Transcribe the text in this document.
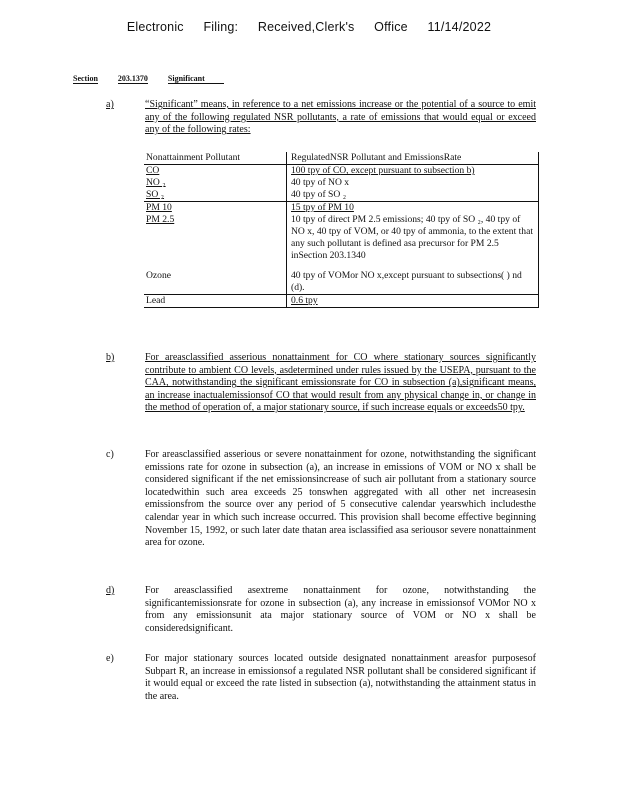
Electronic Filing: Received,Clerk's Office 11/14/2022
Section	203.1370	Significant
a)	“Significant” means, in reference to a net emissions increase or the potential of a source to emit any of the following regulated NSR pollutants, a rate of emissions that would equal or exceed any of the following rates:
Nonattainment Pollutant	RegulatedNSR Pollutant and EmissionsRate
CO	100 tpy of CO, except pursuant to subsection b)
NO ₂	40 tpy of NO x
SO ₂	40 tpy of SO ₂
PM 10	15 tpy of PM 10
PM 2.5	10 tpy of direct PM 2.5 emissions; 40 tpy of SO ₂, 40 tpy of NO x, 40 tpy of VOM, or 40 tpy of ammonia, to the extent that any such pollutant is defined asa precursor for PM 2.5 inSection 203.1340
Ozone	40 tpy of VOMor NO x,except pursuant to subsections( ) nd (d).
Lead	0.6 tpy
b)	For areasclassified asserious nonattainment for CO where stationary sources significantly contribute to ambient CO levels, asdetermined under rules issued by the USEPA, pursuant to the CAA, notwithstanding the significant emissionsrate for CO in subsection (a),significant means, an increase inactualemissionsof CO that would result from any physical change in, or change in the method of operation of, a major stationary source, if such increase equals or exceeds50 tpy.
c)	For areasclassified asserious or severe nonattainment for ozone, notwithstanding the significant emissions rate for ozone in subsection (a), an increase in emissions of VOM or NO x shall be considered significant if the net emissionsincrease of such air pollutant from a stationary source locatedwithin such area exceeds 25 tonswhen aggregated with all other net increasesin emissionsfrom the source over any period of 5 consecutive calendar yearswhich includesthe calendar year in which such increase occurred. This provision shall become effective beginning November 15, 1992, or such later date thatan area isclassified asa seriousor severe nonattainment area for ozone.
d)	For areasclassified asextreme nonattainment for ozone, notwithstanding the significantemissionsrate for ozone in subsection (a), any increase in emissionsof VOMor NO x from any emissionsunit ata major stationary source of VOM or NO x shall be consideredsignificant.
e)	For major stationary sources located outside designated nonattainment areasfor purposesof Subpart R, an increase in emissionsof a regulated NSR pollutant shall be considered significant if it would equal or exceed the rate listed in subsection (a), notwithstanding the attainment status in the area.
